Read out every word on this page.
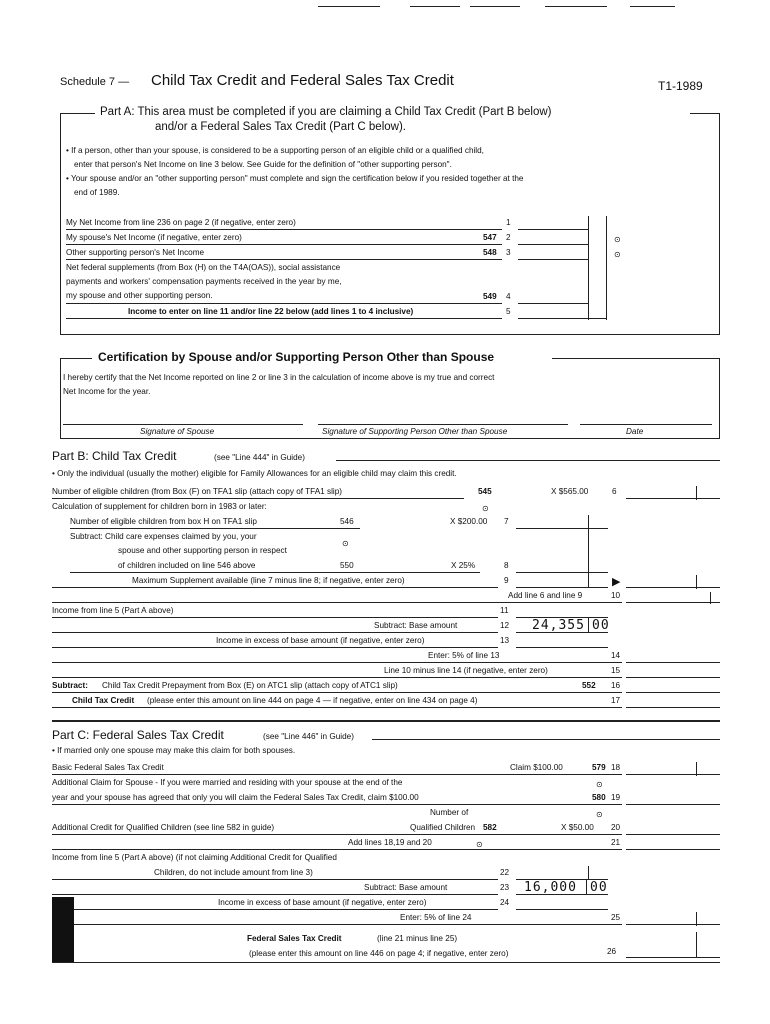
Schedule 7 — Child Tax Credit and Federal Sales Tax Credit	T1-1989
Part A: This area must be completed if you are claiming a Child Tax Credit (Part B below)
and/or a Federal Sales Tax Credit (Part C below).
• If a person, other than your spouse, is considered to be a supporting person of an eligible child or a qualified child,
enter that person's Net Income on line 3 below. See Guide for the definition of "other supporting person".
• Your spouse and/or an "other supporting person" must complete and sign the certification below if you resided together at the
end of 1989.
My Net Income from line 236 on page 2 (if negative, enter zero)	1
My spouse's Net Income (if negative, enter zero)	547 2	⊙
Other supporting person's Net Income	548 3	⊙
Net federal supplements (from Box (H) on the T4A(OAS)), social assistance
payments and workers' compensation payments received in the year by me,
my spouse and other supporting person.	549 4
Income to enter on line 11 and/or line 22 below (add lines 1 to 4 inclusive)	5
Certification by Spouse and/or Supporting Person Other than Spouse
I hereby certify that the Net Income reported on line 2 or line 3 in the calculation of income above is my true and correct
Net Income for the year.
Signature of Spouse	Signature of Supporting Person Other than Spouse	Date
Part B: Child Tax Credit	(see "Line 444" in Guide)
• Only the individual (usually the mother) eligible for Family Allowances for an eligible child may claim this credit.
Number of eligible children (from Box (F) on TFA1 slip (attach copy of TFA1 slip)	545	X $565.00	6
Calculation of supplement for children born in 1983 or later:	⊙
Number of eligible children from box H on TFA1 slip	546	X $200.00 7
Subtract: Child care expenses claimed by you, your
spouse and other supporting person in respect
⊙
of children included on line 546 above	550	X 25%	8
Maximum Supplement available (line 7 minus line 8; if negative, enter zero)	9	▶
Add line 6 and line 9	10
Income from line 5 (Part A above)	11
Subtract: Base amount	12 24,355 00
Income in excess of base amount (if negative, enter zero)	13
Enter: 5% of line 13	14
Line 10 minus line 14 (if negative, enter zero)	15
Subtract: Child Tax Credit Prepayment from Box (E) on ATC1 slip (attach copy of ATC1 slip)	552 16
Child Tax Credit (please enter this amount on line 444 on page 4 — if negative, enter on line 434 on page 4)	17
Part C: Federal Sales Tax Credit	(see "Line 446" in Guide)
• If married only one spouse may make this claim for both spouses.
Basic Federal Sales Tax Credit	Claim $100.00	579 18
Additional Claim for Spouse - If you were married and residing with your spouse at the end of the	⊙
year and your spouse has agreed that only you will claim the Federal Sales Tax Credit, claim $100.00	580 19
Number of	⊙
Additional Credit for Qualified Children (see line 582 in guide)	Qualified Children 582	X $50.00 20
Add lines 18,19 and 20	⊙	21
Income from line 5 (Part A above) (if not claiming Additional Credit for Qualified
Children, do not include amount from line 3)	22
Subtract: Base amount	23 16,000 00
Income in excess of base amount (if negative, enter zero)	24
Enter: 5% of line 24	25
Federal Sales Tax Credit	(line 21 minus line 25)
(please enter this amount on line 446 on page 4; if negative, enter zero)	26
